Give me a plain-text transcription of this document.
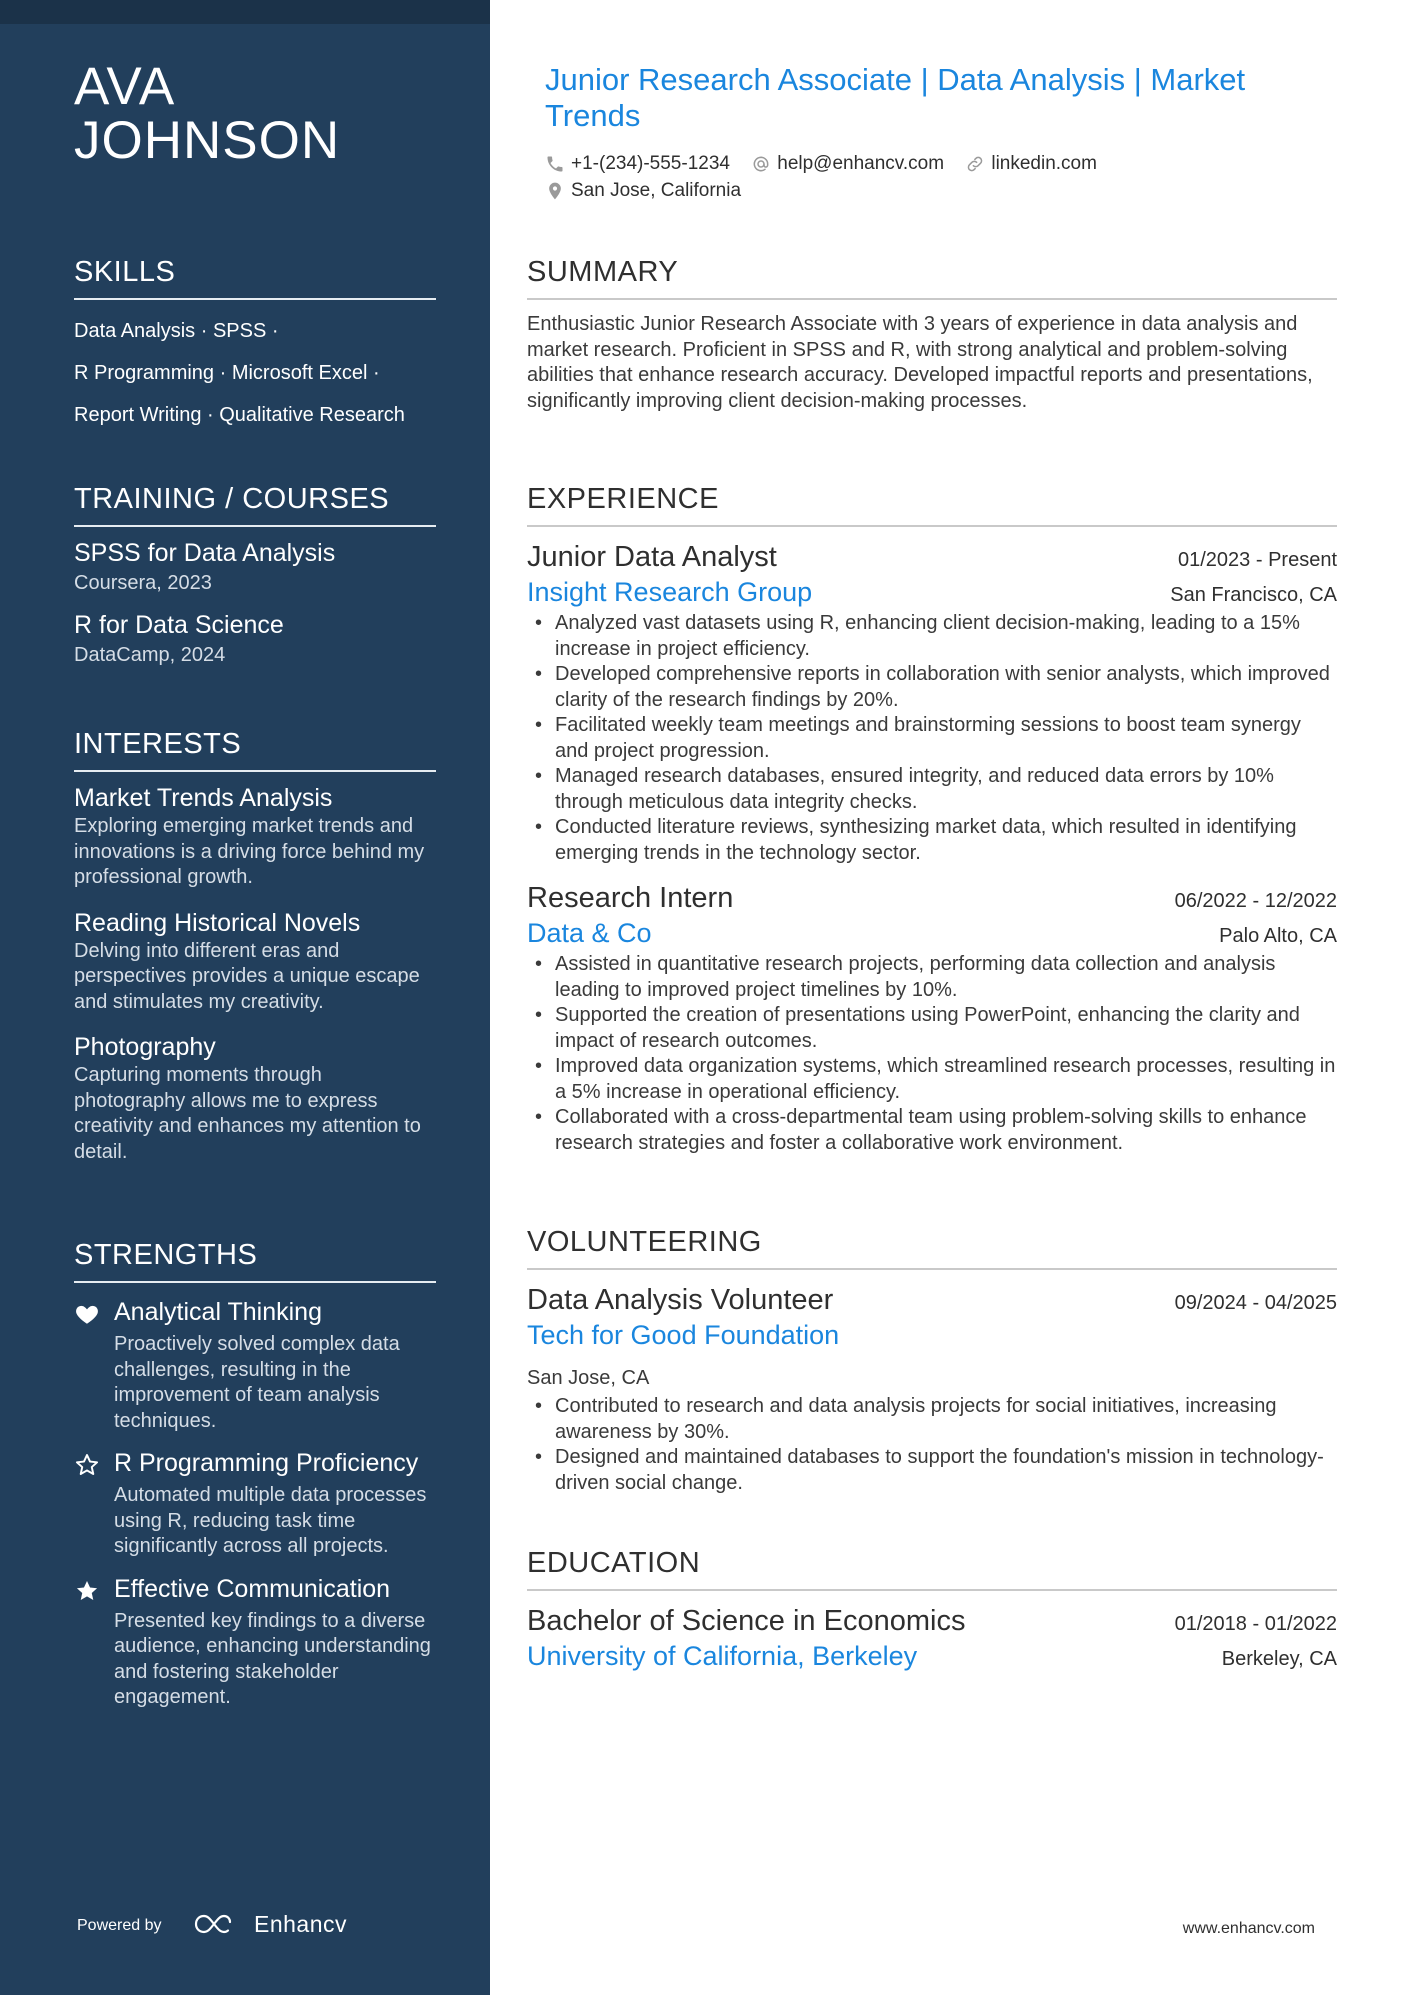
AVA JOHNSON
SKILLS
Data Analysis · SPSS ·
R Programming · Microsoft Excel ·
Report Writing · Qualitative Research
TRAINING / COURSES
SPSS for Data Analysis
Coursera, 2023
R for Data Science
DataCamp, 2024
INTERESTS
Market Trends Analysis
Exploring emerging market trends and innovations is a driving force behind my professional growth.
Reading Historical Novels
Delving into different eras and perspectives provides a unique escape and stimulates my creativity.
Photography
Capturing moments through photography allows me to express creativity and enhances my attention to detail.
STRENGTHS
Analytical Thinking
Proactively solved complex data challenges, resulting in the improvement of team analysis techniques.
R Programming Proficiency
Automated multiple data processes using R, reducing task time significantly across all projects.
Effective Communication
Presented key findings to a diverse audience, enhancing understanding and fostering stakeholder engagement.
Powered by	Enhancv
Junior Research Associate | Data Analysis | Market Trends
+1-(234)-555-1234
help@enhancv.com
linkedin.com
San Jose, California
SUMMARY
Enthusiastic Junior Research Associate with 3 years of experience in data analysis and market research. Proficient in SPSS and R, with strong analytical and problem-solving abilities that enhance research accuracy. Developed impactful reports and presentations, significantly improving client decision-making processes.
EXPERIENCE
Junior Data Analyst	01/2023 - Present
Insight Research Group	San Francisco, CA
• Analyzed vast datasets using R, enhancing client decision-making, leading to a 15% increase in project efficiency.
• Developed comprehensive reports in collaboration with senior analysts, which improved clarity of the research findings by 20%.
• Facilitated weekly team meetings and brainstorming sessions to boost team synergy and project progression.
• Managed research databases, ensured integrity, and reduced data errors by 10% through meticulous data integrity checks.
• Conducted literature reviews, synthesizing market data, which resulted in identifying emerging trends in the technology sector.
Research Intern	06/2022 - 12/2022
Data & Co	Palo Alto, CA
• Assisted in quantitative research projects, performing data collection and analysis leading to improved project timelines by 10%.
• Supported the creation of presentations using PowerPoint, enhancing the clarity and impact of research outcomes.
• Improved data organization systems, which streamlined research processes, resulting in a 5% increase in operational efficiency.
• Collaborated with a cross-departmental team using problem-solving skills to enhance research strategies and foster a collaborative work environment.
VOLUNTEERING
Data Analysis Volunteer	09/2024 - 04/2025
Tech for Good Foundation
San Jose, CA
• Contributed to research and data analysis projects for social initiatives, increasing awareness by 30%.
• Designed and maintained databases to support the foundation's mission in technology-driven social change.
EDUCATION
Bachelor of Science in Economics	01/2018 - 01/2022
University of California, Berkeley	Berkeley, CA
www.enhancv.com
